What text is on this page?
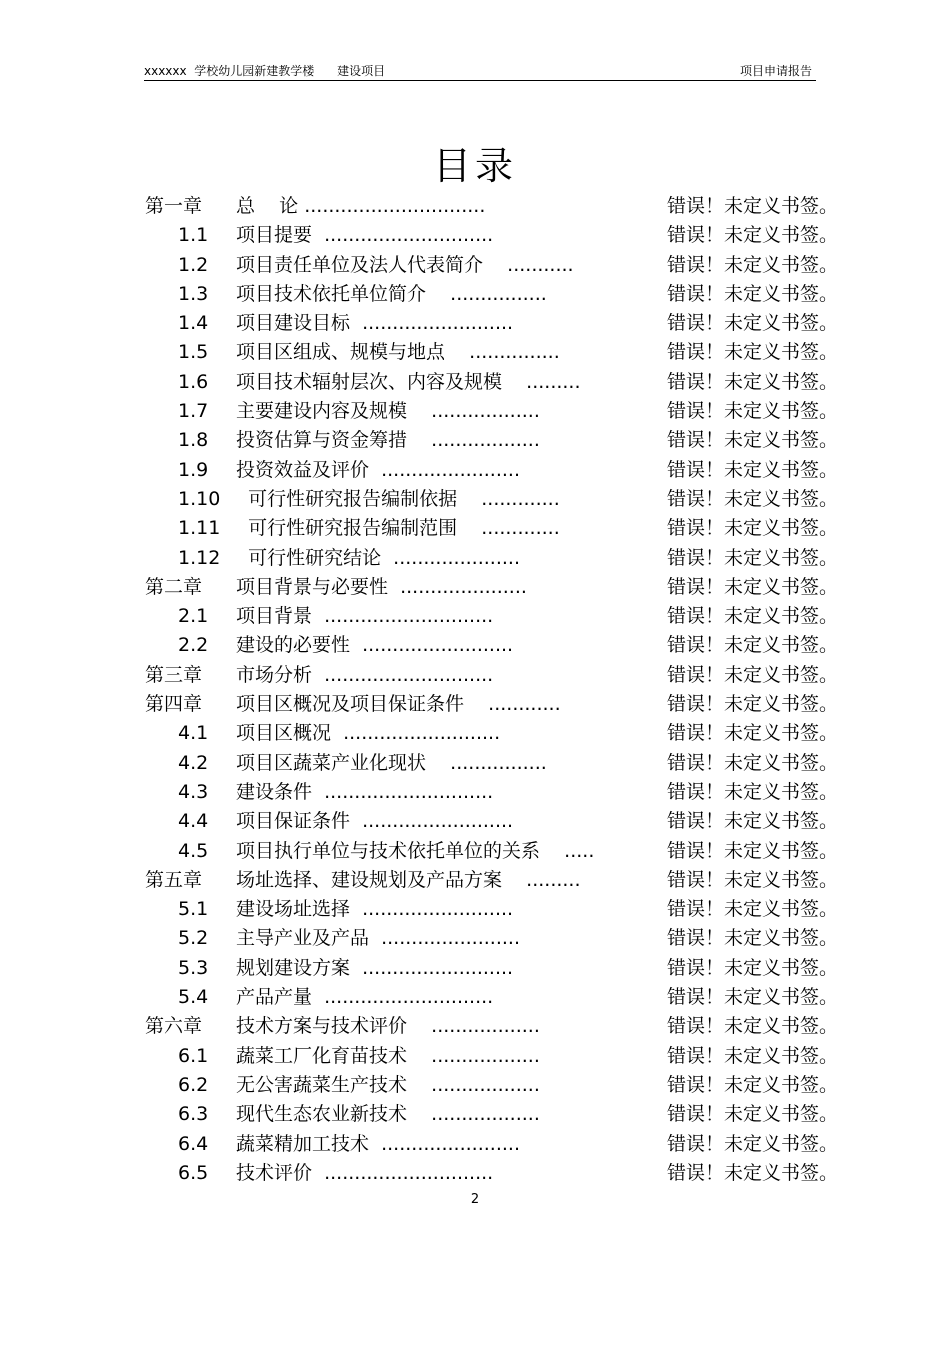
xxxxxx  学校幼儿园新建教学楼      建设项目	项目申请报告
目录
第一章 总    论 ..............................	错误！未定义书签。
1.1 项目提要  ............................	错误！未定义书签。
1.2 项目责任单位及法人代表简介    ...........	错误！未定义书签。
1.3 项目技术依托单位简介    ................	错误！未定义书签。
1.4 项目建设目标  .........................	错误！未定义书签。
1.5 项目区组成、规模与地点    ...............	错误！未定义书签。
1.6 项目技术辐射层次、内容及规模    .........	错误！未定义书签。
1.7 主要建设内容及规模    ..................	错误！未定义书签。
1.8 投资估算与资金筹措    ..................	错误！未定义书签。
1.9 投资效益及评价  .......................	错误！未定义书签。
1.10 可行性研究报告编制依据    .............	错误！未定义书签。
1.11 可行性研究报告编制范围    .............	错误！未定义书签。
1.12 可行性研究结论  .....................	错误！未定义书签。
第二章 项目背景与必要性  .....................	错误！未定义书签。
2.1 项目背景  ............................	错误！未定义书签。
2.2 建设的必要性  .........................	错误！未定义书签。
第三章 市场分析  ............................	错误！未定义书签。
第四章 项目区概况及项目保证条件    ............	错误！未定义书签。
4.1 项目区概况  ..........................	错误！未定义书签。
4.2 项目区蔬菜产业化现状    ................	错误！未定义书签。
4.3 建设条件  ............................	错误！未定义书签。
4.4 项目保证条件  .........................	错误！未定义书签。
4.5 项目执行单位与技术依托单位的关系    .....	错误！未定义书签。
第五章 场址选择、建设规划及产品方案    .........	错误！未定义书签。
5.1 建设场址选择  .........................	错误！未定义书签。
5.2 主导产业及产品  .......................	错误！未定义书签。
5.3 规划建设方案  .........................	错误！未定义书签。
5.4 产品产量  ............................	错误！未定义书签。
第六章 技术方案与技术评价    ..................	错误！未定义书签。
6.1 蔬菜工厂化育苗技术    ..................	错误！未定义书签。
6.2 无公害蔬菜生产技术    ..................	错误！未定义书签。
6.3 现代生态农业新技术    ..................	错误！未定义书签。
6.4 蔬菜精加工技术  .......................	错误！未定义书签。
6.5 技术评价  ............................	错误！未定义书签。
2
